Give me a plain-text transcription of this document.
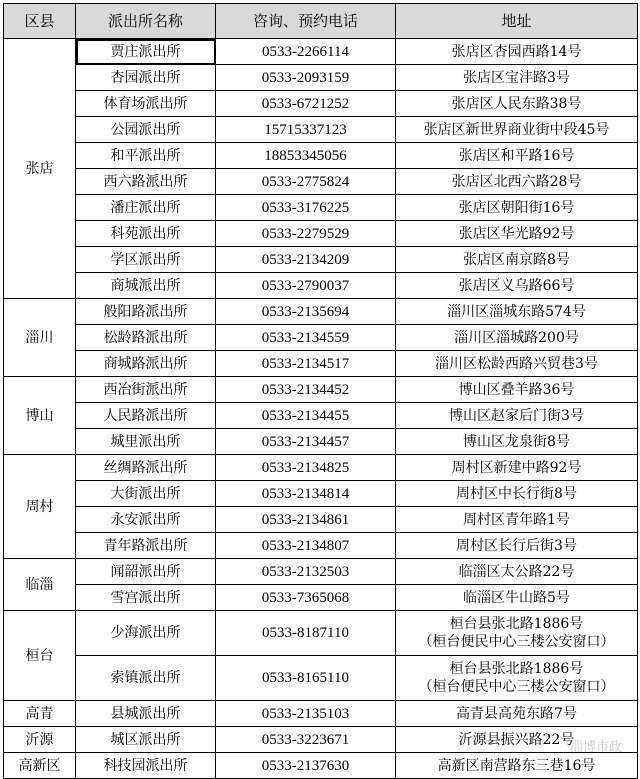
区县	派出所名称	咨询、预约电话	地址
张店	贾庄派出所	0533-2266114	张店区杏园西路14号
	杏园派出所	0533-2093159	张店区宝沣路3号
	体育场派出所	0533-6721252	张店区人民东路38号
	公园派出所	15715337123	张店区新世界商业街中段45号
	和平派出所	18853345056	张店区和平路16号
	西六路派出所	0533-2775824	张店区北西六路28号
	潘庄派出所	0533-3176225	张店区朝阳街16号
	科苑派出所	0533-2279529	张店区华光路92号
	学区派出所	0533-2134209	张店区南京路8号
	商城派出所	0533-2790037	张店区义乌路66号
淄川	般阳路派出所	0533-2135694	淄川区淄城东路574号
	松龄路派出所	0533-2134559	淄川区淄城路200号
	商城路派出所	0533-2134517	淄川区松龄西路兴贸巷3号
博山	西冶街派出所	0533-2134452	博山区叠羊路36号
	人民路派出所	0533-2134455	博山区赵家后门街3号
	城里派出所	0533-2134457	博山区龙泉街8号
周村	丝绸路派出所	0533-2134825	周村区新建中路92号
	大街派出所	0533-2134814	周村区中长行街8号
	永安派出所	0533-2134861	周村区青年路1号
	青年路派出所	0533-2134807	周村区长行后街3号
临淄	闻韶派出所	0533-2132503	临淄区太公路22号
	雪宫派出所	0533-7365068	临淄区牛山路5号
桓台	少海派出所	0533-8187110	桓台县张北路1886号
（桓台便民中心三楼公安窗口）
	索镇派出所	0533-8165110	桓台县张北路1886号
（桓台便民中心三楼公安窗口）
高青	县城派出所	0533-2135103	高青县高苑东路7号
沂源	城区派出所	0533-3223671	沂源县振兴路22号
高新区	科技园派出所	0533-2137630	高新区南营路东三巷16号
淄博市政
